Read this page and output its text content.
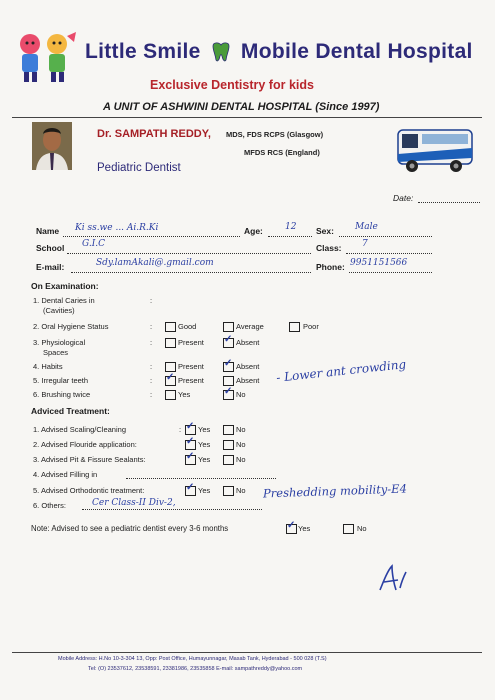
Little Smile Mobile Dental Hospital
Exclusive Dentistry for kids
A UNIT OF ASHWINI DENTAL HOSPITAL (Since 1997)
Dr. SAMPATH REDDY, MDS, FDS RCPS (Glasgow)
MFDS RCS (England)
Pediatric Dentist
Date:
Name Ki ss.we ... Ai.R.Ki	Age: 12 Sex: Male
School G.I.C	Class: 7
E-mail:	Sdy.lamAkali@.gmail.com	Phone: 9951151566
On Examination:
1. Dental Caries in
(Cavities)
:
2. Oral Hygiene Status	:	Good	Average	Poor
3. Physiological
Spaces
:	Present ✓ Absent
4. Habits	:	Present ✓ Absent
5. Irregular teeth	: ✓ Present	Absent - Lower ant crowding
6. Brushing twice	:	Yes	✓ No
Adviced Treatment:
1. Advised Scaling/Cleaning	: ✓ Yes	No
2. Advised Flouride application:	✓ Yes	No
3. Advised Pit & Fissure Sealants:	✓ Yes	No
4. Advised Filling in
5. Advised Orthodontic treatment:	✓ Yes	No Preshedding mobility-E4
6. Others:	Cer Class-II Div-2,
Note: Advised to see a pediatric dentist every 3-6 months	✓ Yes	No
Mobile Address: H.No 10-3-304 13, Opp: Post Office, Humayunnagar, Masab Tank, Hyderabad - 500 028 (T.S)
Tel: (O) 23537612, 23538591, 23381986, 23535858 E-mail: sampathreddy@yahoo.com
